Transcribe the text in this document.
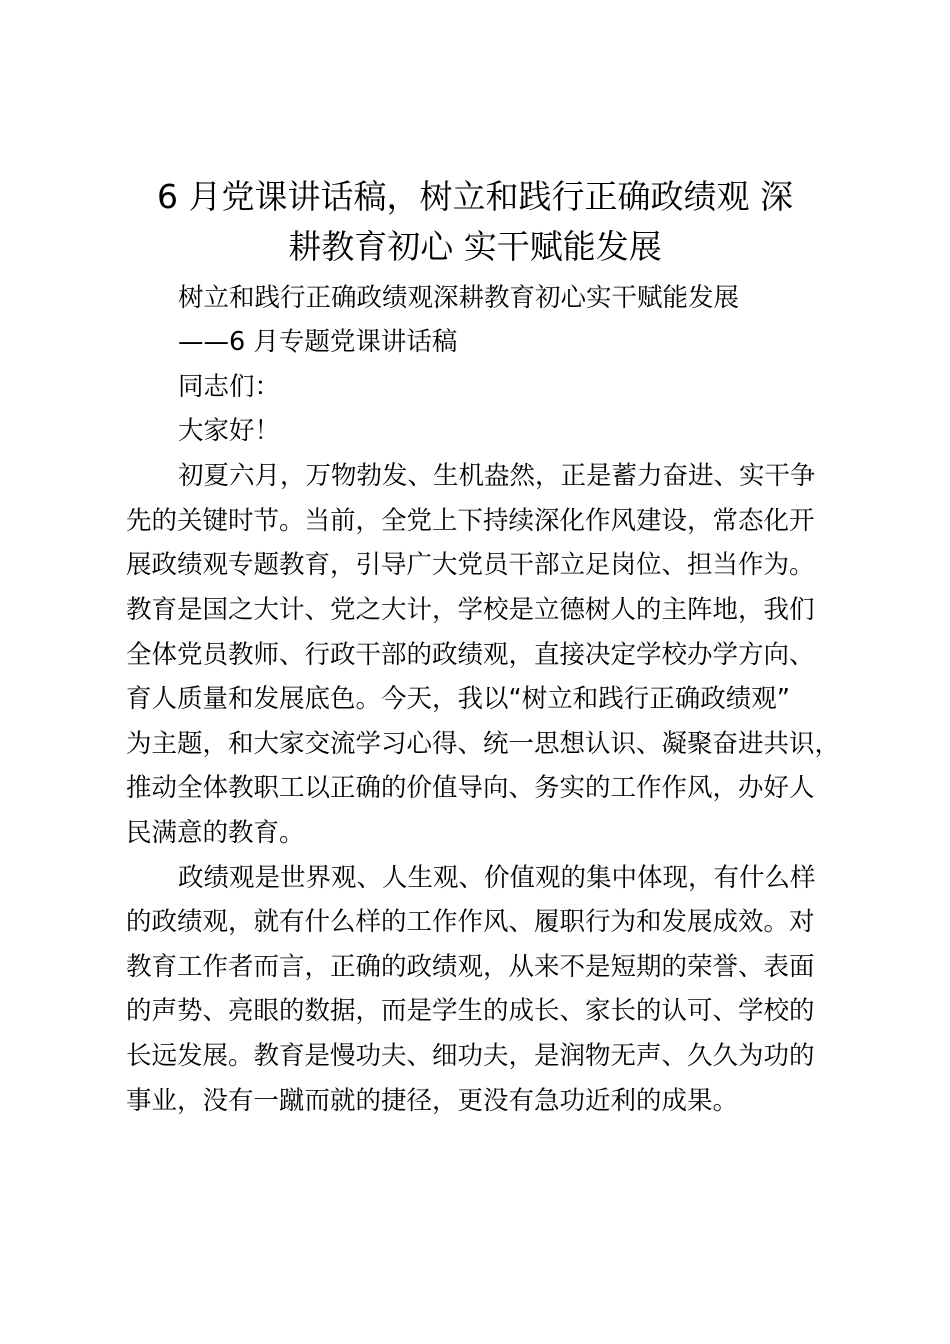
6 月党课讲话稿，树立和践行正确政绩观 深
耕教育初心 实干赋能发展

树立和践行正确政绩观深耕教育初心实干赋能发展

——6 月专题党课讲话稿

同志们：

大家好！

初夏六月，万物勃发、生机盎然，正是蓄力奋进、实干争

先的关键时节。当前，全党上下持续深化作风建设，常态化开

展政绩观专题教育，引导广大党员干部立足岗位、担当作为。

教育是国之大计、党之大计，学校是立德树人的主阵地，我们

全体党员教师、行政干部的政绩观，直接决定学校办学方向、

育人质量和发展底色。今天，我以“树立和践行正确政绩观”

为主题，和大家交流学习心得、统一思想认识、凝聚奋进共识，

推动全体教职工以正确的价值导向、务实的工作作风，办好人

民满意的教育。

政绩观是世界观、人生观、价值观的集中体现，有什么样

的政绩观，就有什么样的工作作风、履职行为和发展成效。对

教育工作者而言，正确的政绩观，从来不是短期的荣誉、表面

的声势、亮眼的数据，而是学生的成长、家长的认可、学校的

长远发展。教育是慢功夫、细功夫，是润物无声、久久为功的

事业，没有一蹴而就的捷径，更没有急功近利的成果。
